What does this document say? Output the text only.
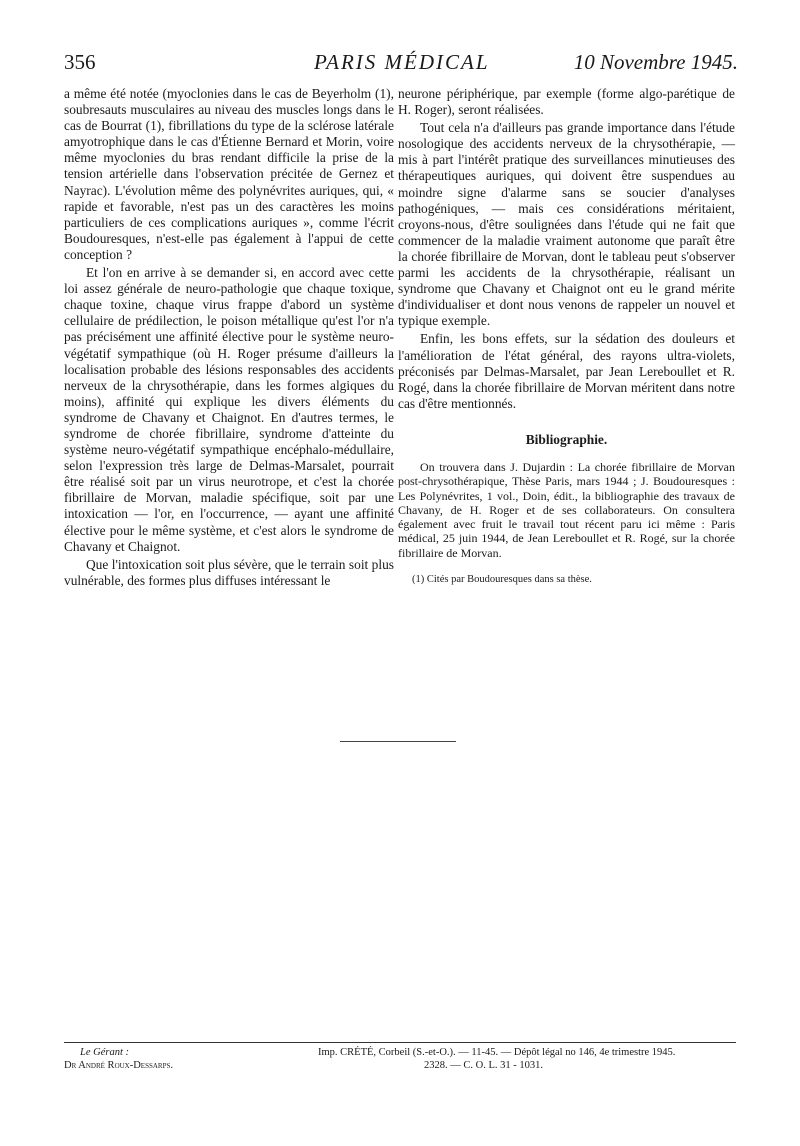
356	PARIS MÉDICAL	10 Novembre 1945.

a même été notée (myoclonies dans le cas de Beyerholm (1), soubresauts musculaires au niveau des muscles longs dans le cas de Bourrat (1), fibrillations du type de la sclérose latérale amyotrophique dans le cas d'Étienne Bernard et Morin, voire même myoclonies du bras rendant difficile la prise de la tension artérielle dans l'observation précitée de Gernez et Nayrac). L'évolution même des polynévrites auriques, qui, « rapide et favorable, n'est pas un des caractères les moins particuliers de ces complications auriques », comme l'écrit Boudouresques, n'est-elle pas également à l'appui de cette conception ?

Et l'on en arrive à se demander si, en accord avec cette loi assez générale de neuro-pathologie que chaque toxique, chaque toxine, chaque virus frappe d'abord un système cellulaire de prédilection, le poison métallique qu'est l'or n'a pas précisément une affinité élective pour le système neuro-végétatif sympathique (où H. Roger présume d'ailleurs la localisation probable des lésions responsables des accidents nerveux de la chrysothérapie, dans les formes algiques du moins), affinité qui explique les divers éléments du syndrome de Chavany et Chaignot. En d'autres termes, le syndrome de chorée fibrillaire, syndrome d'atteinte du système neuro-végétatif sympathique encéphalo-médullaire, selon l'expression très large de Delmas-Marsalet, pourrait être réalisé soit par un virus neurotrope, et c'est la chorée fibrillaire de Morvan, maladie spécifique, soit par une intoxication — l'or, en l'occurrence, — ayant une affinité élective pour le même système, et c'est alors le syndrome de Chavany et Chaignot.

Que l'intoxication soit plus sévère, que le terrain soit plus vulnérable, des formes plus diffuses intéressant le

neurone périphérique, par exemple (forme algo-parétique de H. Roger), seront réalisées.

Tout cela n'a d'ailleurs pas grande importance dans l'étude nosologique des accidents nerveux de la chrysothérapie, — mis à part l'intérêt pratique des surveillances minutieuses des thérapeutiques auriques, qui doivent être suspendues au moindre signe d'alarme sans se soucier d'analyses pathogéniques, — mais ces considérations méritaient, croyons-nous, d'être soulignées dans l'étude qui ne fait que commencer de la maladie vraiment autonome que paraît être la chorée fibrillaire de Morvan, dont le tableau peut s'observer parmi les accidents de la chrysothérapie, réalisant un syndrome que Chavany et Chaignot ont eu le grand mérite d'individualiser et dont nous venons de rappeler un nouvel et typique exemple.

Enfin, les bons effets, sur la sédation des douleurs et l'amélioration de l'état général, des rayons ultra-violets, préconisés par Delmas-Marsalet, par Jean Lereboullet et R. Rogé, dans la chorée fibrillaire de Morvan méritent dans notre cas d'être mentionnés.

Bibliographie.

On trouvera dans J. Dujardin : La chorée fibrillaire de Morvan post-chrysothérapique, Thèse Paris, mars 1944 ; J. Boudouresques : Les Polynévrites, 1 vol., Doin, édit., la bibliographie des travaux de Chavany, de H. Roger et de ses collaborateurs. On consultera également avec fruit le travail tout récent paru ici même : Paris médical, 25 juin 1944, de Jean Lereboullet et R. Rogé, sur la chorée fibrillaire de Morvan.

(1) Cités par Boudouresques dans sa thèse.
Le Gérant :
Dr André Roux-Dessarps.
Imp. CRÉTÉ, Corbeil (S.-et-O.). — 11-45. — Dépôt légal no 146, 4e trimestre 1945.
2328. — C. O. L. 31 - 1031.
